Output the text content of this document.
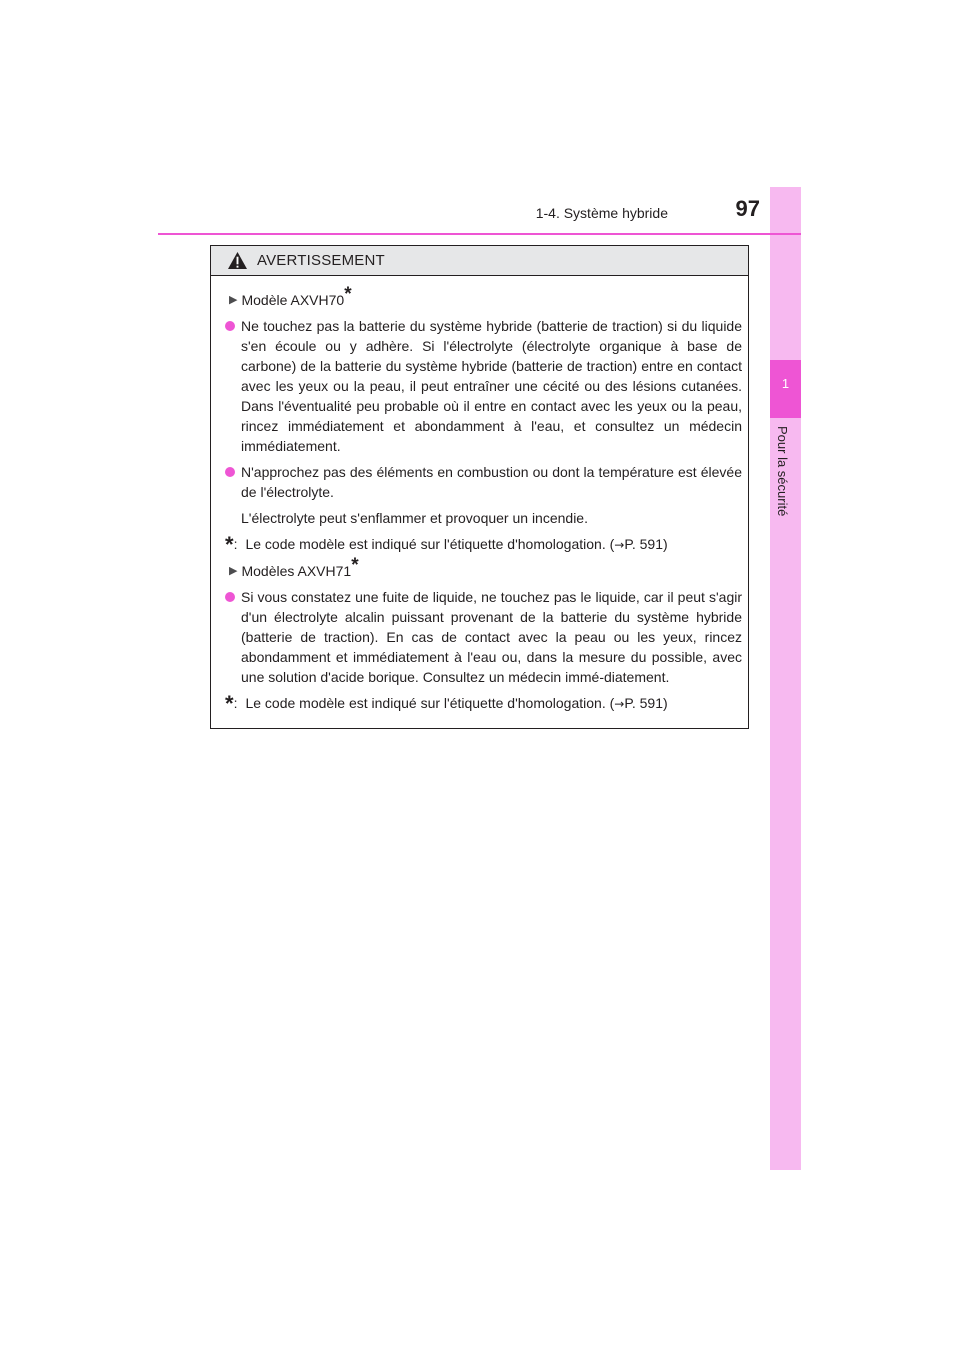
1
Pour la sécurité
1-4. Système hybride	97
AVERTISSEMENT
▶ Modèle AXVH70 *
Ne touchez pas la batterie du système hybride (batterie de traction) si du liquide s'en écoule ou y adhère. Si l'électrolyte (électrolyte organique à base de carbone) de la batterie du système hybride (batterie de traction) entre en contact avec les yeux ou la peau, il peut entraîner une cécité ou des lésions cutanées. Dans l'éventualité peu probable où il entre en contact avec les yeux ou la peau, rincez immédiatement et abondamment à l'eau, et consultez un médecin immédiatement.
N'approchez pas des éléments en combustion ou dont la température est élevée de l'électrolyte.
L'électrolyte peut s'enflammer et provoquer un incendie.
* : Le code modèle est indiqué sur l'étiquette d'homologation. (→P. 591)
▶ Modèles AXVH71 *
Si vous constatez une fuite de liquide, ne touchez pas le liquide, car il peut s'agir d'un électrolyte alcalin puissant provenant de la batterie du système hybride (batterie de traction). En cas de contact avec la peau ou les yeux, rincez abondamment et immédiatement à l'eau ou, dans la mesure du possible, avec une solution d'acide borique. Consultez un médecin immé-diatement.
* : Le code modèle est indiqué sur l'étiquette d'homologation. (→P. 591)
